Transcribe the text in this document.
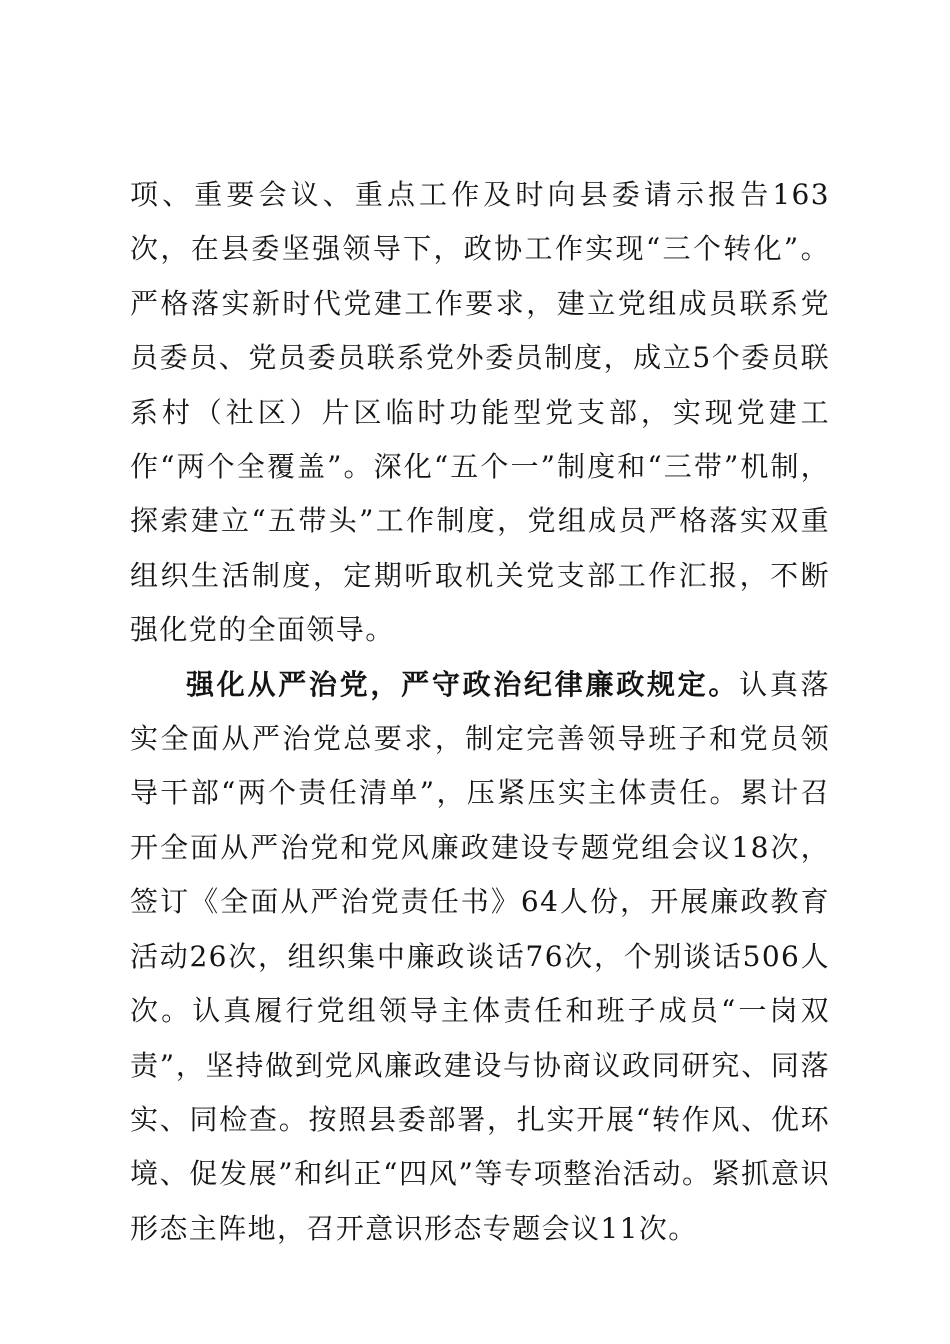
项、重要会议、重点工作及时向县委请示报告163次，在县委坚强领导下，政协工作实现“三个转化”。严格落实新时代党建工作要求，建立党组成员联系党员委员、党员委员联系党外委员制度，成立5个委员联系村（社区）片区临时功能型党支部，实现党建工作“两个全覆盖”。深化“五个一”制度和“三带”机制，探索建立“五带头”工作制度，党组成员严格落实双重组织生活制度，定期听取机关党支部工作汇报，不断强化党的全面领导。

强化从严治党，严守政治纪律廉政规定。认真落实全面从严治党总要求，制定完善领导班子和党员领导干部“两个责任清单”，压紧压实主体责任。累计召开全面从严治党和党风廉政建设专题党组会议18次，签订《全面从严治党责任书》64人份，开展廉政教育活动26次，组织集中廉政谈话76次，个别谈话506人次。认真履行党组领导主体责任和班子成员“一岗双责”，坚持做到党风廉政建设与协商议政同研究、同落实、同检查。按照县委部署，扎实开展“转作风、优环境、促发展”和纠正“四风”等专项整治活动。紧抓意识形态主阵地，召开意识形态专题会议11次。
